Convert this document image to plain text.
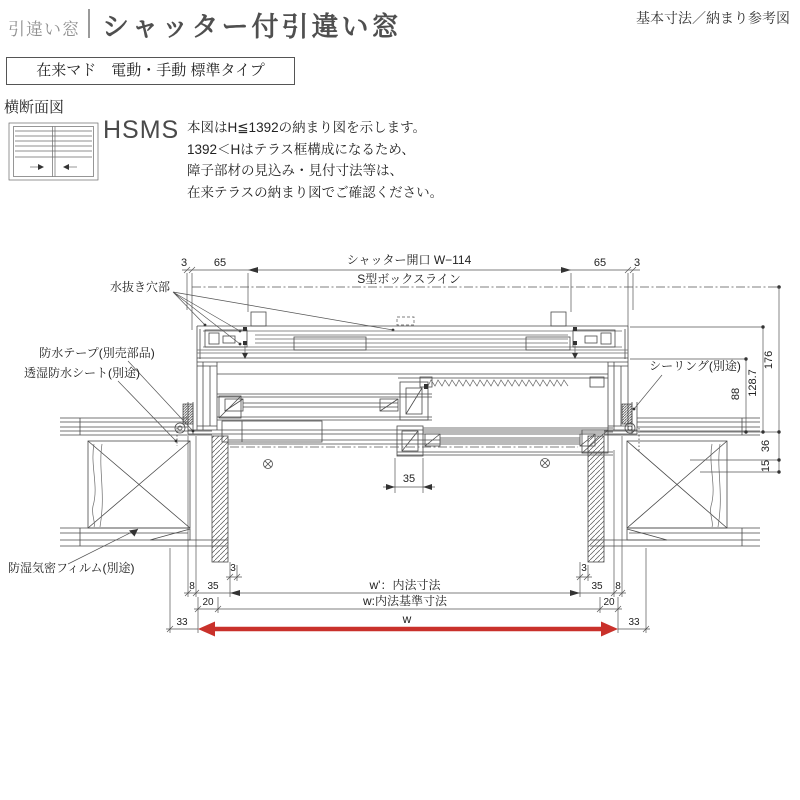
引違い窓 シャッター付引違い窓	基本寸法／納まり参考図
在来マド　電動・手動 標準タイプ
横断面図
HSMS 本図はH≦1392の納まり図を示します。
1392＜Hはテラス框構成になるため、
障子部材の見込み・見付寸法等は、
在来テラスの納まり図でご確認ください。
3 65	シャッター開口 W−114	65	3
S型ボックスライン
水抜き穴部
176
128.7
88
36
15
35
3	3
8 35	w'：内法寸法	35 8
20	w:内法基準寸法	20
33	33
w
防水テープ(別売部品)
透湿防水シート(別途)	シーリング(別途)
防湿気密フィルム(別途)
